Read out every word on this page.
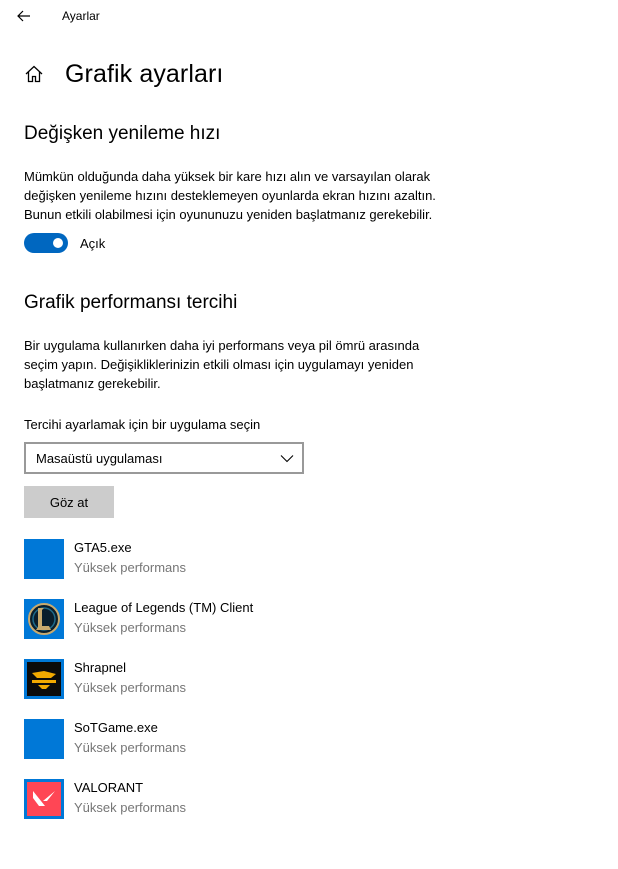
Ayarlar
Grafik ayarları
Değişken yenileme hızı
Mümkün olduğunda daha yüksek bir kare hızı alın ve varsayılan olarak
değişken yenileme hızını desteklemeyen oyunlarda ekran hızını azaltın.
Bunun etkili olabilmesi için oyununuzu yeniden başlatmanız gerekebilir.
Açık
Grafik performansı tercihi
Bir uygulama kullanırken daha iyi performans veya pil ömrü arasında
seçim yapın. Değişikliklerinizin etkili olması için uygulamayı yeniden
başlatmanız gerekebilir.
Tercihi ayarlamak için bir uygulama seçin
Masaüstü uygulaması
Göz at
GTA5.exe
Yüksek performans
League of Legends (TM) Client
Yüksek performans
Shrapnel
Yüksek performans
SoTGame.exe
Yüksek performans
VALORANT
Yüksek performans
